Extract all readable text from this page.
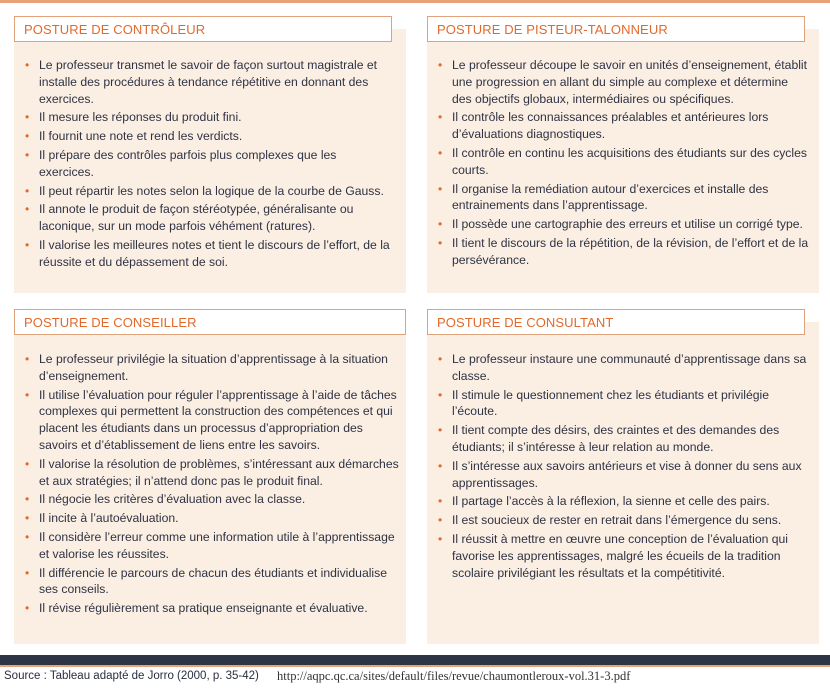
POSTURE DE CONTRÔLEUR
• Le professeur transmet le savoir de façon surtout magistrale et installe des procédures à tendance répétitive en donnant des exercices.
• Il mesure les réponses du produit fini.
• Il fournit une note et rend les verdicts.
• Il prépare des contrôles parfois plus complexes que les exercices.
• Il peut répartir les notes selon la logique de la courbe de Gauss.
• Il annote le produit de façon stéréotypée, généralisante ou laconique, sur un mode parfois véhément (ratures).
• Il valorise les meilleures notes et tient le discours de l’effort, de la réussite et du dépassement de soi.
POSTURE DE PISTEUR-TALONNEUR
• Le professeur découpe le savoir en unités d’enseignement, établit une progression en allant du simple au complexe et détermine des objectifs globaux, intermédiaires ou spécifiques.
• Il contrôle les connaissances préalables et antérieures lors d’évaluations diagnostiques.
• Il contrôle en continu les acquisitions des étudiants sur des cycles courts.
• Il organise la remédiation autour d’exercices et installe des entrainements dans l’apprentissage.
• Il possède une cartographie des erreurs et utilise un corrigé type.
• Il tient le discours de la répétition, de la révision, de l’effort et de la persévérance.
POSTURE DE CONSEILLER
• Le professeur privilégie la situation d’apprentissage à la situation d’enseignement.
• Il utilise l’évaluation pour réguler l’apprentissage à l’aide de tâches complexes qui permettent la construction des compétences et qui placent les étudiants dans un processus d’appropriation des savoirs et d’établissement de liens entre les savoirs.
• Il valorise la résolution de problèmes, s’intéressant aux démarches et aux stratégies; il n’attend donc pas le produit final.
• Il négocie les critères d’évaluation avec la classe.
• Il incite à l’autoévaluation.
• Il considère l’erreur comme une information utile à l’apprentissage et valorise les réussites.
• Il différencie le parcours de chacun des étudiants et individualise ses conseils.
• Il révise régulièrement sa pratique enseignante et évaluative.
POSTURE DE CONSULTANT
• Le professeur instaure une communauté d’apprentissage dans sa classe.
• Il stimule le questionnement chez les étudiants et privilégie l’écoute.
• Il tient compte des désirs, des craintes et des demandes des étudiants; il s’intéresse à leur relation au monde.
• Il s’intéresse aux savoirs antérieurs et vise à donner du sens aux apprentissages.
• Il partage l’accès à la réflexion, la sienne et celle des pairs.
• Il est soucieux de rester en retrait dans l’émergence du sens.
• Il réussit à mettre en œuvre une conception de l’évaluation qui favorise les apprentissages, malgré les écueils de la tradition scolaire privilégiant les résultats et la compétitivité.
Source : Tableau adapté de Jorro (2000, p. 35-42) http://aqpc.qc.ca/sites/default/files/revue/chaumontleroux-vol.31-3.pdf
